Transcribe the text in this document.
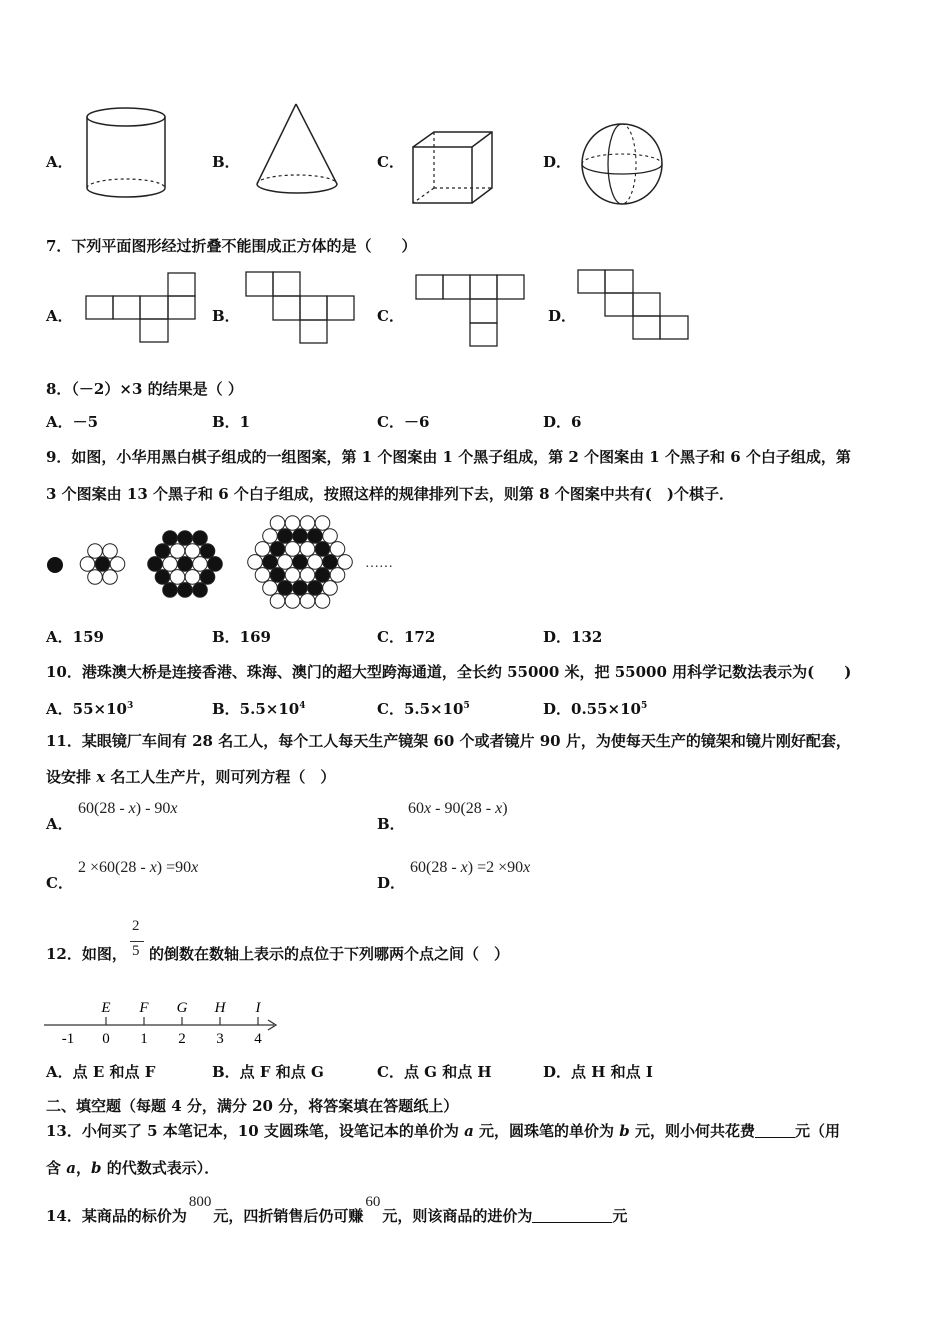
A．	B．	C．	D．
7．下列平面图形经过折叠不能围成正方体的是（　　）
A．	B．	C．	D．
8．（－2）×3 的结果是（ ）
A．－5	B．1	C．－6	D．6
9．如图，小华用黑白棋子组成的一组图案，第 1 个图案由 1 个黑子组成，第 2 个图案由 1 个黑子和 6 个白子组成，第
3 个图案由 13 个黑子和 6 个白子组成，按照这样的规律排列下去，则第 8 个图案中共有(　)个棋子．
……
A．159	B．169	C．172	D．132
10．港珠澳大桥是连接香港、珠海、澳门的超大型跨海通道，全长约 55000 米，把 55000 用科学记数法表示为(　　)
A．$55\times 10^3$	B．$5.5\times 10^4$	C．$5.5\times 10^5$	D．$0.55\times 10^5$
11．某眼镜厂车间有 28 名工人，每个工人每天生产镜架 60 个或者镜片 90 片，为使每天生产的镜架和镜片刚好配套，
设安排 x 名工人生产片，则可列方程（　）
A．
60(28 - x) - 90x
B．
60x - 90(28 - x)
C．
2 ×60(28 - x) =90x
D．
60(28 - x) =2 ×90x
12．如图，
2
5 的倒数在数轴上表示的点位于下列哪两个点之间（　）
-1 0 1 2 3 4
E F G H I
A．点 E 和点 F	B．点 F 和点 G	C．点 G 和点 H	D．点 H 和点 I
二、填空题（每题 4 分，满分 20 分，将答案填在答题纸上）
13．小何买了 5 本笔记本，10 支圆珠笔，设笔记本的单价为 a 元，圆珠笔的单价为 b 元，则小何共花费	元（用
含 a，b 的代数式表示）．
14．某商品的标价为800元，四折销售后仍可赚60元，则该商品的进价为	元
